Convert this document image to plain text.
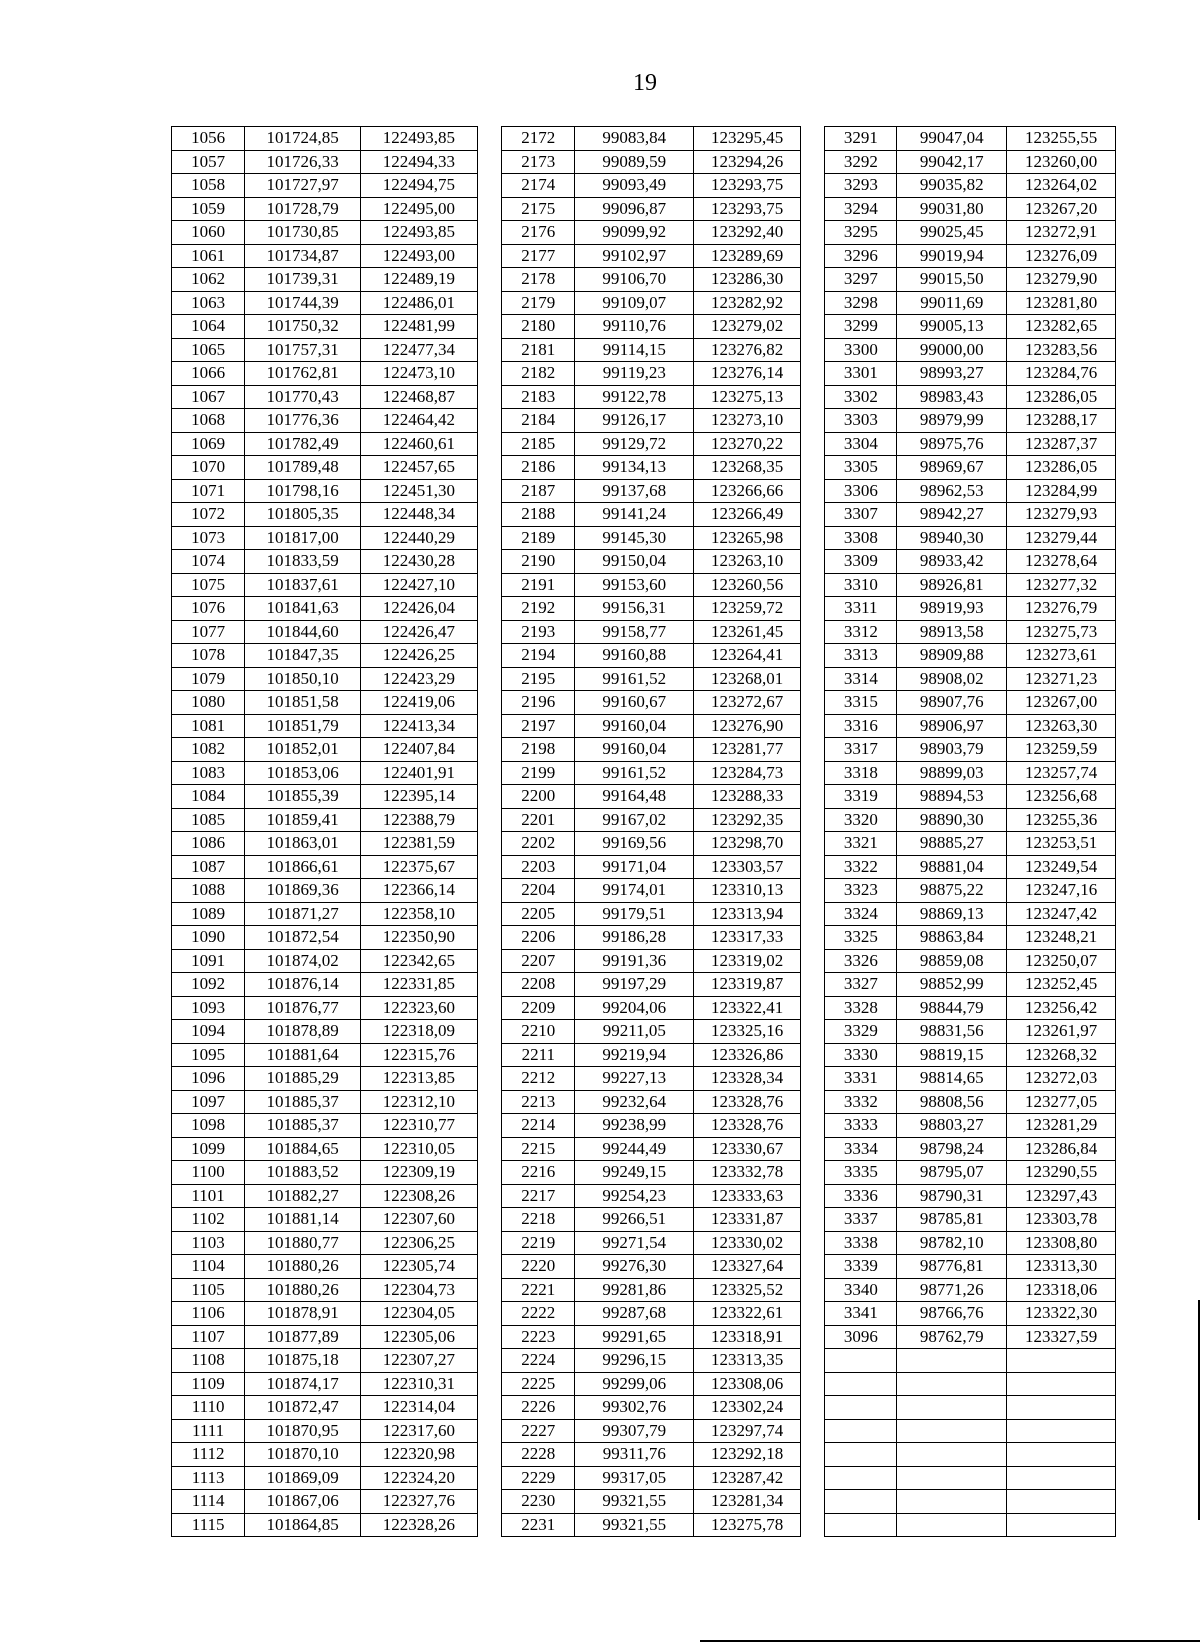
19
1056	101724,85	122493,85		2172	99083,84	123295,45		3291	99047,04	123255,55
1057	101726,33	122494,33		2173	99089,59	123294,26		3292	99042,17	123260,00
1058	101727,97	122494,75		2174	99093,49	123293,75		3293	99035,82	123264,02
1059	101728,79	122495,00		2175	99096,87	123293,75		3294	99031,80	123267,20
1060	101730,85	122493,85		2176	99099,92	123292,40		3295	99025,45	123272,91
1061	101734,87	122493,00		2177	99102,97	123289,69		3296	99019,94	123276,09
1062	101739,31	122489,19		2178	99106,70	123286,30		3297	99015,50	123279,90
1063	101744,39	122486,01		2179	99109,07	123282,92		3298	99011,69	123281,80
1064	101750,32	122481,99		2180	99110,76	123279,02		3299	99005,13	123282,65
1065	101757,31	122477,34		2181	99114,15	123276,82		3300	99000,00	123283,56
1066	101762,81	122473,10		2182	99119,23	123276,14		3301	98993,27	123284,76
1067	101770,43	122468,87		2183	99122,78	123275,13		3302	98983,43	123286,05
1068	101776,36	122464,42		2184	99126,17	123273,10		3303	98979,99	123288,17
1069	101782,49	122460,61		2185	99129,72	123270,22		3304	98975,76	123287,37
1070	101789,48	122457,65		2186	99134,13	123268,35		3305	98969,67	123286,05
1071	101798,16	122451,30		2187	99137,68	123266,66		3306	98962,53	123284,99
1072	101805,35	122448,34		2188	99141,24	123266,49		3307	98942,27	123279,93
1073	101817,00	122440,29		2189	99145,30	123265,98		3308	98940,30	123279,44
1074	101833,59	122430,28		2190	99150,04	123263,10		3309	98933,42	123278,64
1075	101837,61	122427,10		2191	99153,60	123260,56		3310	98926,81	123277,32
1076	101841,63	122426,04		2192	99156,31	123259,72		3311	98919,93	123276,79
1077	101844,60	122426,47		2193	99158,77	123261,45		3312	98913,58	123275,73
1078	101847,35	122426,25		2194	99160,88	123264,41		3313	98909,88	123273,61
1079	101850,10	122423,29		2195	99161,52	123268,01		3314	98908,02	123271,23
1080	101851,58	122419,06		2196	99160,67	123272,67		3315	98907,76	123267,00
1081	101851,79	122413,34		2197	99160,04	123276,90		3316	98906,97	123263,30
1082	101852,01	122407,84		2198	99160,04	123281,77		3317	98903,79	123259,59
1083	101853,06	122401,91		2199	99161,52	123284,73		3318	98899,03	123257,74
1084	101855,39	122395,14		2200	99164,48	123288,33		3319	98894,53	123256,68
1085	101859,41	122388,79		2201	99167,02	123292,35		3320	98890,30	123255,36
1086	101863,01	122381,59		2202	99169,56	123298,70		3321	98885,27	123253,51
1087	101866,61	122375,67		2203	99171,04	123303,57		3322	98881,04	123249,54
1088	101869,36	122366,14		2204	99174,01	123310,13		3323	98875,22	123247,16
1089	101871,27	122358,10		2205	99179,51	123313,94		3324	98869,13	123247,42
1090	101872,54	122350,90		2206	99186,28	123317,33		3325	98863,84	123248,21
1091	101874,02	122342,65		2207	99191,36	123319,02		3326	98859,08	123250,07
1092	101876,14	122331,85		2208	99197,29	123319,87		3327	98852,99	123252,45
1093	101876,77	122323,60		2209	99204,06	123322,41		3328	98844,79	123256,42
1094	101878,89	122318,09		2210	99211,05	123325,16		3329	98831,56	123261,97
1095	101881,64	122315,76		2211	99219,94	123326,86		3330	98819,15	123268,32
1096	101885,29	122313,85		2212	99227,13	123328,34		3331	98814,65	123272,03
1097	101885,37	122312,10		2213	99232,64	123328,76		3332	98808,56	123277,05
1098	101885,37	122310,77		2214	99238,99	123328,76		3333	98803,27	123281,29
1099	101884,65	122310,05		2215	99244,49	123330,67		3334	98798,24	123286,84
1100	101883,52	122309,19		2216	99249,15	123332,78		3335	98795,07	123290,55
1101	101882,27	122308,26		2217	99254,23	123333,63		3336	98790,31	123297,43
1102	101881,14	122307,60		2218	99266,51	123331,87		3337	98785,81	123303,78
1103	101880,77	122306,25		2219	99271,54	123330,02		3338	98782,10	123308,80
1104	101880,26	122305,74		2220	99276,30	123327,64		3339	98776,81	123313,30
1105	101880,26	122304,73		2221	99281,86	123325,52		3340	98771,26	123318,06
1106	101878,91	122304,05		2222	99287,68	123322,61		3341	98766,76	123322,30
1107	101877,89	122305,06		2223	99291,65	123318,91		3096	98762,79	123327,59
1108	101875,18	122307,27		2224	99296,15	123313,35				
1109	101874,17	122310,31		2225	99299,06	123308,06				
1110	101872,47	122314,04		2226	99302,76	123302,24				
1111	101870,95	122317,60		2227	99307,79	123297,74				
1112	101870,10	122320,98		2228	99311,76	123292,18				
1113	101869,09	122324,20		2229	99317,05	123287,42				
1114	101867,06	122327,76		2230	99321,55	123281,34				
1115	101864,85	122328,26		2231	99321,55	123275,78				
